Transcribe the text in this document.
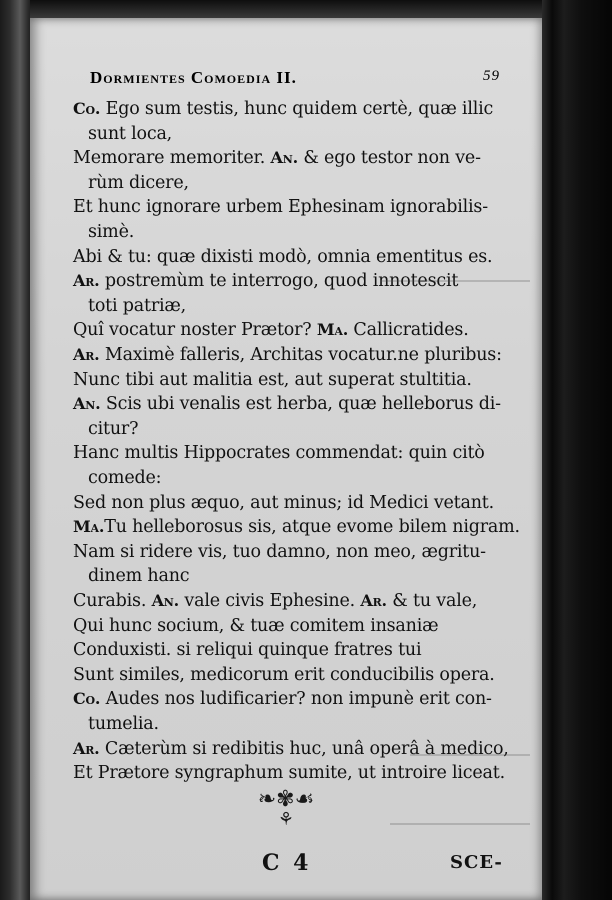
Dormientes Comoedia II.	59
Co. Ego sum testis, hunc quidem certè, quæ illic
sunt loca,
Memorare memoriter. An. & ego testor non ve-
rùm dicere,
Et hunc ignorare urbem Ephesinam ignorabilis-
simè.
Abi & tu: quæ dixisti modò, omnia ementitus es.
Ar. postremùm te interrogo, quod innotescit
toti patriæ,
Quî vocatur noster Prætor? Ma. Callicratides.
Ar. Maximè falleris, Architas vocatur.ne pluribus:
Nunc tibi aut malitia est, aut superat stultitia.
An. Scis ubi venalis est herba, quæ helleborus di-
citur?
Hanc multis Hippocrates commendat: quin citò
comede:
Sed non plus æquo, aut minus; id Medici vetant.
Ma.Tu helleborosus sis, atque evome bilem nigram.
Nam si ridere vis, tuo damno, non meo, ægritu-
dinem hanc
Curabis. An. vale civis Ephesine. Ar. & tu vale,
Qui hunc socium, & tuæ comitem insaniæ
Conduxisti. si reliqui quinque fratres tui
Sunt similes, medicorum erit conducibilis opera.
Co. Audes nos ludificarier? non impunè erit con-
tumelia.
Ar. Cæterùm si redibitis huc, unâ operâ à medico,
Et Prætore syngraphum sumite, ut introire liceat.
❧✾☙
⚘
C 4	SCE-
